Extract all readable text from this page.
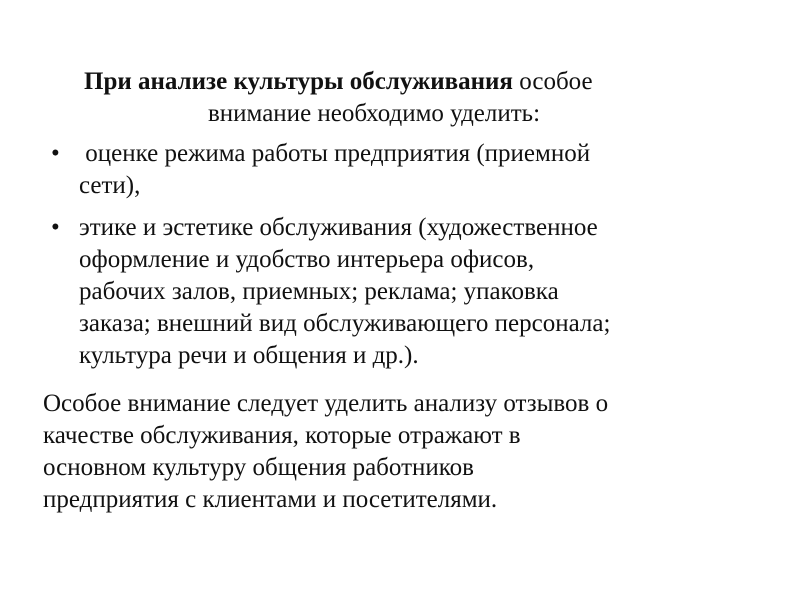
При анализе культуры обслуживания особое
внимание необходимо уделить:
• оценке режима работы предприятия (приемной
сети),
• этике и эстетике обслуживания (художественное
оформление и удобство интерьера офисов,
рабочих залов, приемных; реклама; упаковка
заказа; внешний вид обслуживающего персонала;
культура речи и общения и др.).
Особое внимание следует уделить анализу отзывов о
качестве обслуживания, которые отражают в
основном культуру общения работников
предприятия с клиентами и посетителями.
